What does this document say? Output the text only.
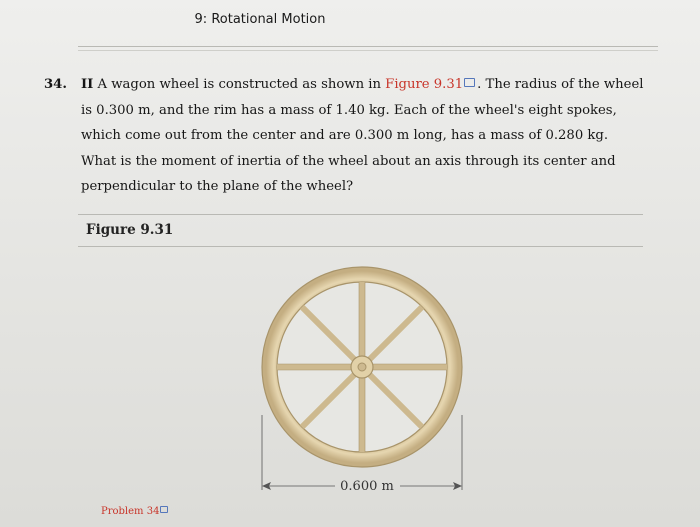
9: Rotational Motion
34.	II A wagon wheel is constructed as shown in Figure 9.31 . The radius of the wheel is 0.300 m, and the rim has a mass of 1.40 kg. Each of the wheel's eight spokes, which come out from the center and are 0.300 m long, has a mass of 0.280 kg. What is the moment of inertia of the wheel about an axis through its center and perpendicular to the plane of the wheel?
Figure 9.31
0.600 m
Problem 34
